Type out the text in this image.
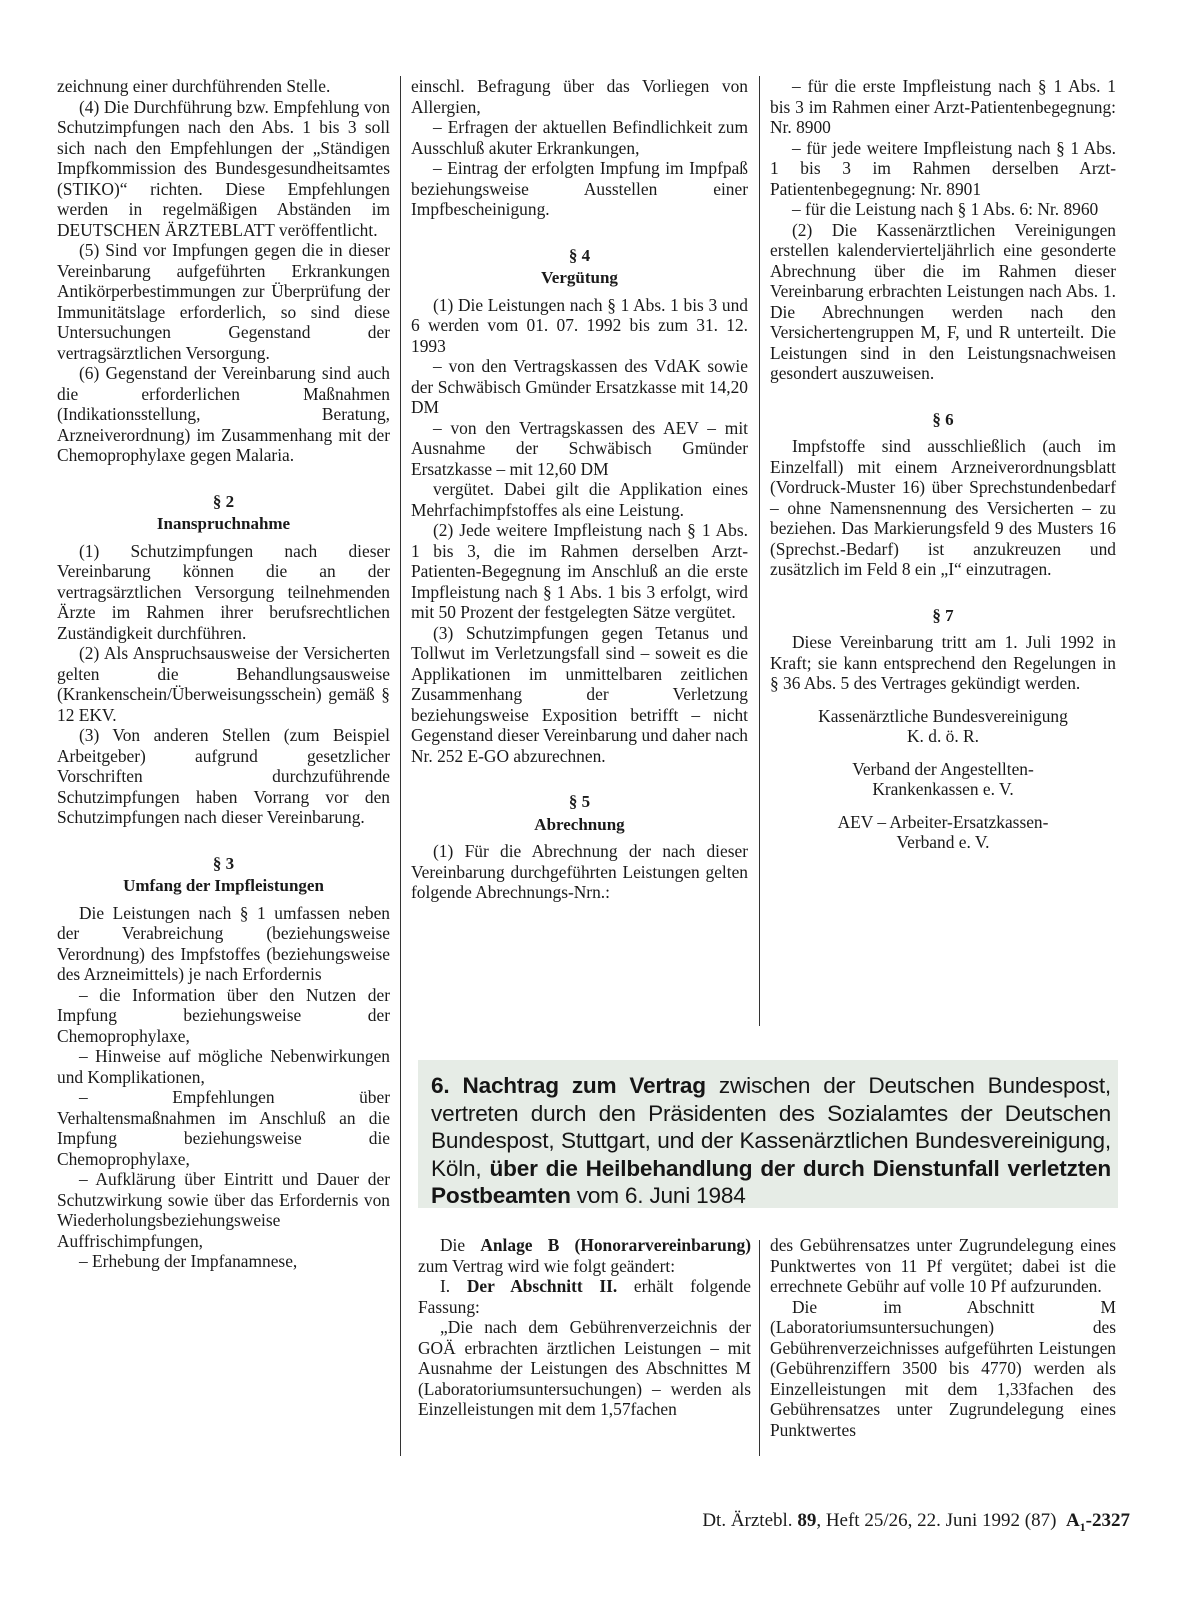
zeichnung einer durchführenden Stelle.

(4) Die Durchführung bzw. Empfehlung von Schutzimpfungen nach den Abs. 1 bis 3 soll sich nach den Empfehlungen der „Ständigen Impfkommission des Bundesgesundheitsamtes (STIKO)“ richten. Diese Empfehlungen werden in regelmäßigen Abständen im DEUTSCHEN ÄRZTEBLATT veröffentlicht.

(5) Sind vor Impfungen gegen die in dieser Vereinbarung aufgeführten Erkrankungen Antikörperbestimmungen zur Überprüfung der Immunitätslage erforderlich, so sind diese Untersuchungen Gegenstand der vertragsärztlichen Versorgung.

(6) Gegenstand der Vereinbarung sind auch die erforderlichen Maßnahmen (Indikationsstellung, Beratung, Arzneiverordnung) im Zusammenhang mit der Chemoprophylaxe gegen Malaria.

§ 2
Inanspruchnahme

(1) Schutzimpfungen nach dieser Vereinbarung können die an der vertragsärztlichen Versorgung teilnehmenden Ärzte im Rahmen ihrer berufsrechtlichen Zuständigkeit durchführen.

(2) Als Anspruchsausweise der Versicherten gelten die Behandlungsausweise (Krankenschein/Überweisungsschein) gemäß § 12 EKV.

(3) Von anderen Stellen (zum Beispiel Arbeitgeber) aufgrund gesetzlicher Vorschriften durchzuführende Schutzimpfungen haben Vorrang vor den Schutzimpfungen nach dieser Vereinbarung.

§ 3
Umfang der Impfleistungen

Die Leistungen nach § 1 umfassen neben der Verabreichung (beziehungsweise Verordnung) des Impfstoffes (beziehungsweise des Arzneimittels) je nach Erfordernis

– die Information über den Nutzen der Impfung beziehungsweise der Chemoprophylaxe,

– Hinweise auf mögliche Nebenwirkungen und Komplikationen,

– Empfehlungen über Verhaltensmaßnahmen im Anschluß an die Impfung beziehungsweise die Chemoprophylaxe,

– Aufklärung über Eintritt und Dauer der Schutzwirkung sowie über das Erfordernis von Wiederholungsbeziehungsweise Auffrischimpfungen,

– Erhebung der Impfanamnese,

einschl. Befragung über das Vorliegen von Allergien,

– Erfragen der aktuellen Befindlichkeit zum Ausschluß akuter Erkrankungen,

– Eintrag der erfolgten Impfung im Impfpaß beziehungsweise Ausstellen einer Impfbescheinigung.

§ 4
Vergütung

(1) Die Leistungen nach § 1 Abs. 1 bis 3 und 6 werden vom 01. 07. 1992 bis zum 31. 12. 1993

– von den Vertragskassen des VdAK sowie der Schwäbisch Gmünder Ersatzkasse mit 14,20 DM

– von den Vertragskassen des AEV – mit Ausnahme der Schwäbisch Gmünder Ersatzkasse – mit 12,60 DM

vergütet. Dabei gilt die Applikation eines Mehrfachimpfstoffes als eine Leistung.

(2) Jede weitere Impfleistung nach § 1 Abs. 1 bis 3, die im Rahmen derselben Arzt-Patienten-Begegnung im Anschluß an die erste Impfleistung nach § 1 Abs. 1 bis 3 erfolgt, wird mit 50 Prozent der festgelegten Sätze vergütet.

(3) Schutzimpfungen gegen Tetanus und Tollwut im Verletzungsfall sind – soweit es die Applikationen im unmittelbaren zeitlichen Zusammenhang der Verletzung beziehungsweise Exposition betrifft – nicht Gegenstand dieser Vereinbarung und daher nach Nr. 252 E-GO abzurechnen.

§ 5
Abrechnung

(1) Für die Abrechnung der nach dieser Vereinbarung durchgeführten Leistungen gelten folgende Abrechnungs-Nrn.:

– für die erste Impfleistung nach § 1 Abs. 1 bis 3 im Rahmen einer Arzt-Patientenbegegnung: Nr. 8900

– für jede weitere Impfleistung nach § 1 Abs. 1 bis 3 im Rahmen derselben Arzt-Patientenbegegnung: Nr. 8901

– für die Leistung nach § 1 Abs. 6: Nr. 8960

(2) Die Kassenärztlichen Vereinigungen erstellen kalendervierteljährlich eine gesonderte Abrechnung über die im Rahmen dieser Vereinbarung erbrachten Leistungen nach Abs. 1. Die Abrechnungen werden nach den Versichertengruppen M, F, und R unterteilt. Die Leistungen sind in den Leistungsnachweisen gesondert auszuweisen.

§ 6

Impfstoffe sind ausschließlich (auch im Einzelfall) mit einem Arzneiverordnungsblatt (Vordruck-Muster 16) über Sprechstundenbedarf – ohne Namensnennung des Versicherten – zu beziehen. Das Markierungsfeld 9 des Musters 16 (Sprechst.-Bedarf) ist anzukreuzen und zusätzlich im Feld 8 ein „I“ einzutragen.

§ 7

Diese Vereinbarung tritt am 1. Juli 1992 in Kraft; sie kann entsprechend den Regelungen in § 36 Abs. 5 des Vertrages gekündigt werden.

Kassenärztliche Bundesvereinigung
K. d. ö. R.
Verband der Angestellten-
Krankenkassen e. V.
AEV – Arbeiter-Ersatzkassen-
Verband e. V.
6. Nachtrag zum Vertrag zwischen der Deutschen Bundespost, vertreten durch den Präsidenten des Sozialamtes der Deutschen Bundespost, Stuttgart, und der Kassenärztlichen Bundesvereinigung, Köln, über die Heilbehandlung der durch Dienstunfall verletzten Postbeamten vom 6. Juni 1984

Die Anlage B (Honorarvereinbarung) zum Vertrag wird wie folgt geändert:

I. Der Abschnitt II. erhält folgende Fassung:

„Die nach dem Gebührenverzeichnis der GOÄ erbrachten ärztlichen Leistungen – mit Ausnahme der Leistungen des Abschnittes M (Laboratoriumsuntersuchungen) – werden als Einzelleistungen mit dem 1,57fachen

des Gebührensatzes unter Zugrundelegung eines Punktwertes von 11 Pf vergütet; dabei ist die errechnete Gebühr auf volle 10 Pf aufzurunden.

Die im Abschnitt M (Laboratoriumsuntersuchungen) des Gebührenverzeichnisses aufgeführten Leistungen (Gebührenziffern 3500 bis 4770) werden als Einzelleistungen mit dem 1,33fachen des Gebührensatzes unter Zugrundelegung eines Punktwertes

Dt. Ärztebl. 89, Heft 25/26, 22. Juni 1992 (87) $A_1-2327$
